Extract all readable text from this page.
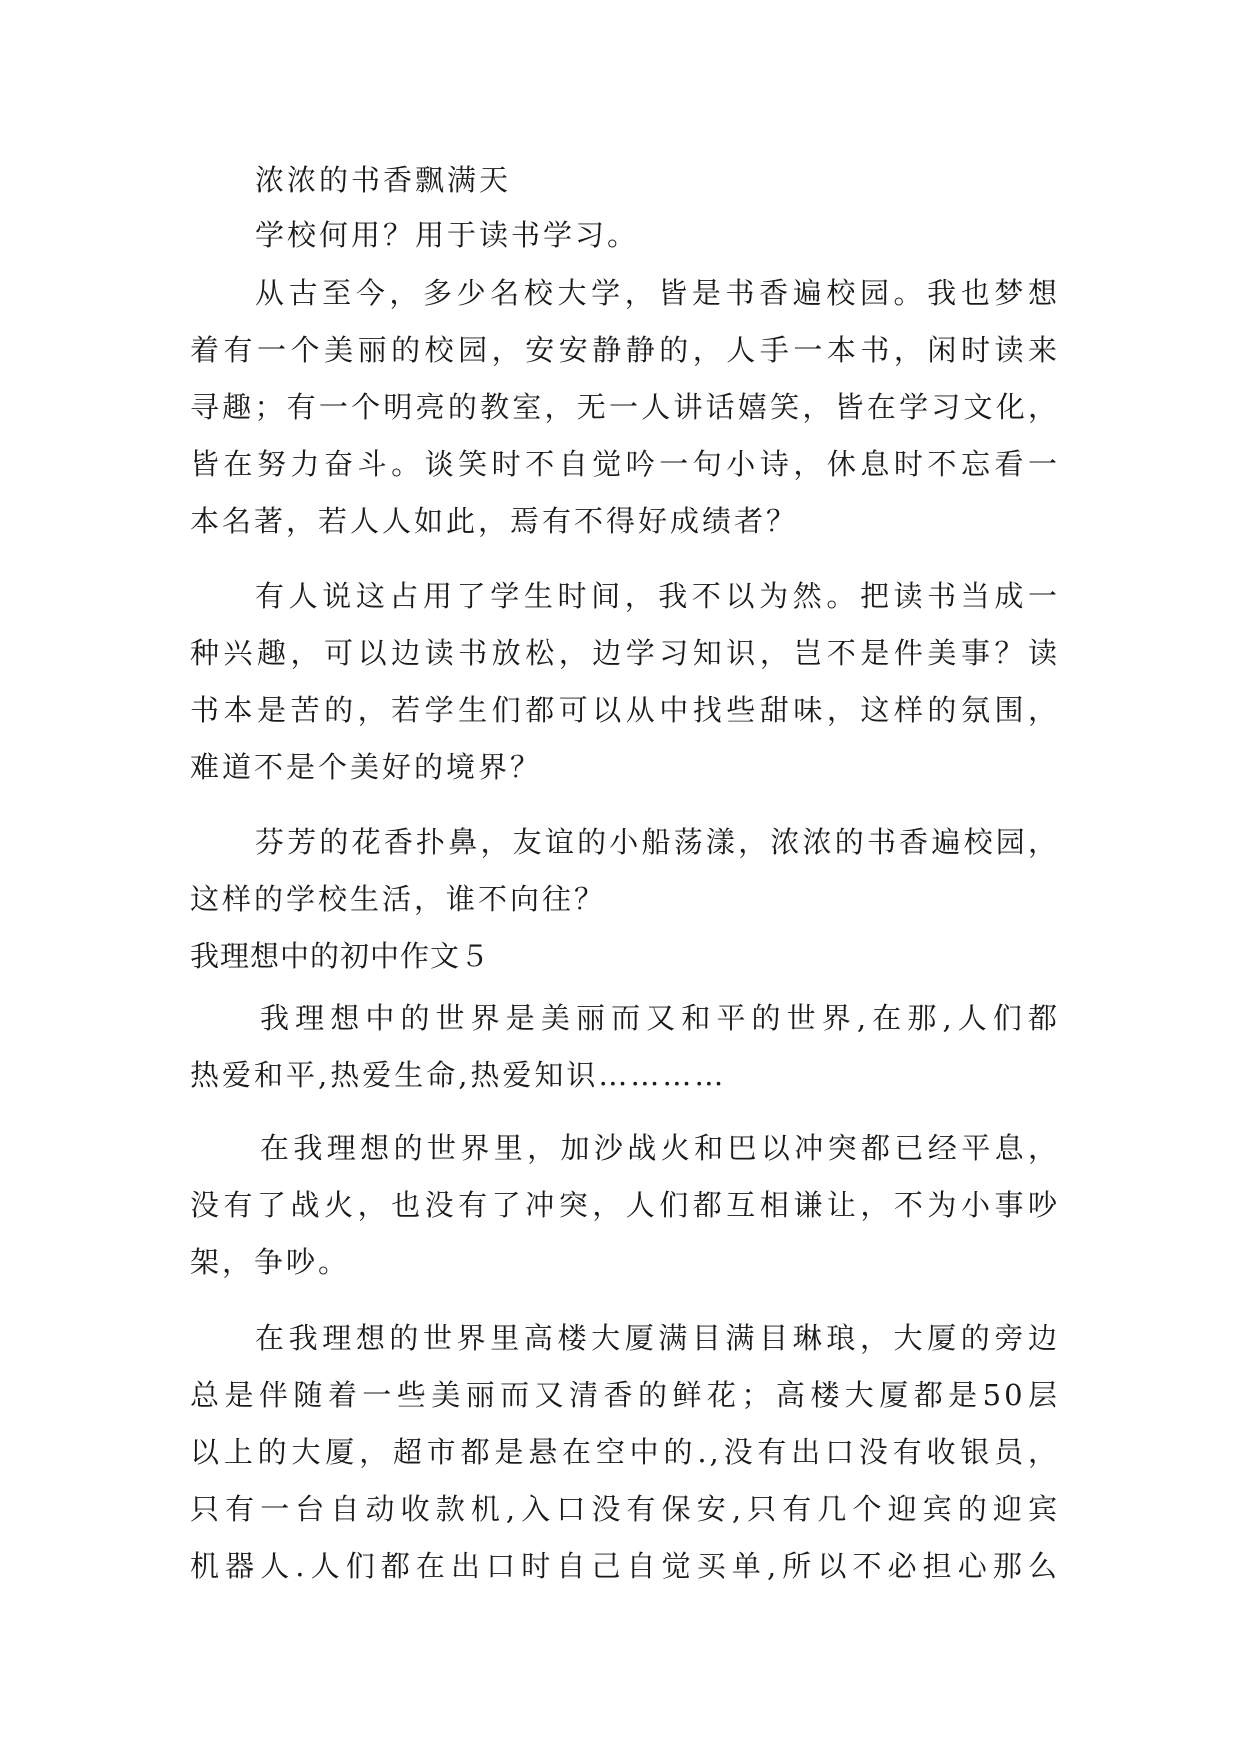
浓浓的书香飘满天
学校何用？用于读书学习。
从古至今，多少名校大学，皆是书香遍校园。我也梦想
着有一个美丽的校园，安安静静的，人手一本书，闲时读来
寻趣；有一个明亮的教室，无一人讲话嬉笑，皆在学习文化，
皆在努力奋斗。谈笑时不自觉吟一句小诗，休息时不忘看一
本名著，若人人如此，焉有不得好成绩者？
有人说这占用了学生时间，我不以为然。把读书当成一
种兴趣，可以边读书放松，边学习知识，岂不是件美事？读
书本是苦的，若学生们都可以从中找些甜味，这样的氛围，
难道不是个美好的境界？
芬芳的花香扑鼻，友谊的小船荡漾，浓浓的书香遍校园，
这样的学校生活，谁不向往？
我理想中的初中作文５
我理想中的世界是美丽而又和平的世界,在那,人们都
热爱和平,热爱生命,热爱知识…………
在我理想的世界里，加沙战火和巴以冲突都已经平息，
没有了战火，也没有了冲突，人们都互相谦让，不为小事吵
架，争吵。
在我理想的世界里高楼大厦满目满目琳琅，大厦的旁边
总是伴随着一些美丽而又清香的鲜花；高楼大厦都是50层
以上的大厦，超市都是悬在空中的.,没有出口没有收银员，
只有一台自动收款机,入口没有保安,只有几个迎宾的迎宾
机器人.人们都在出口时自己自觉买单,所以不必担心那么
